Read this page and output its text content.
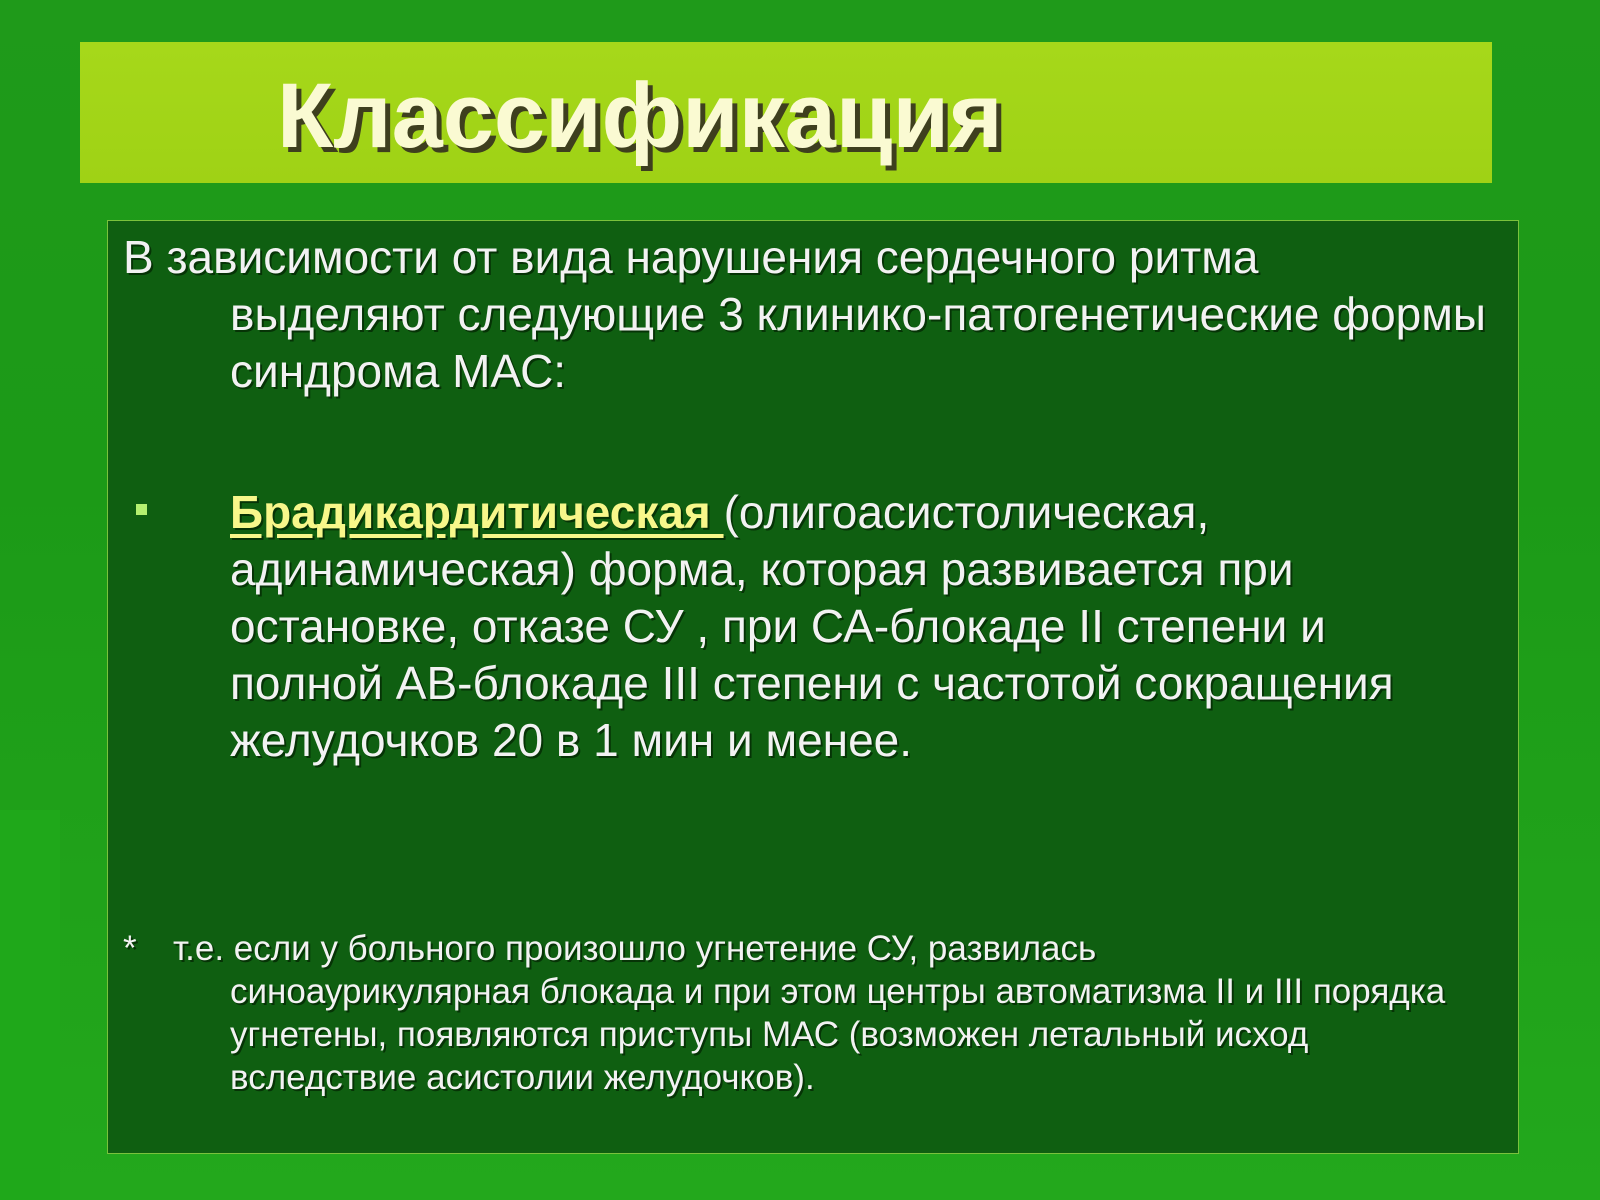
Классификация
В зависимости от вида нарушения сердечного ритма
выделяют следующие 3 клинико-патогенетические формы синдрома МАС:
Брадикардитическая (олигоасистолическая, адинамическая) форма, которая развивается при остановке, отказе СУ , при СА-блокаде II степени и полной АВ-блокаде III степени с частотой сокращения желудочков 20 в 1 мин и менее.
*	т.е. если у больного произошло угнетение СУ, развилась
синоаурикулярная блокада и при этом центры автоматизма II и III порядка угнетены, появляются приступы МАС (возможен летальный исход вследствие асистолии желудочков).
